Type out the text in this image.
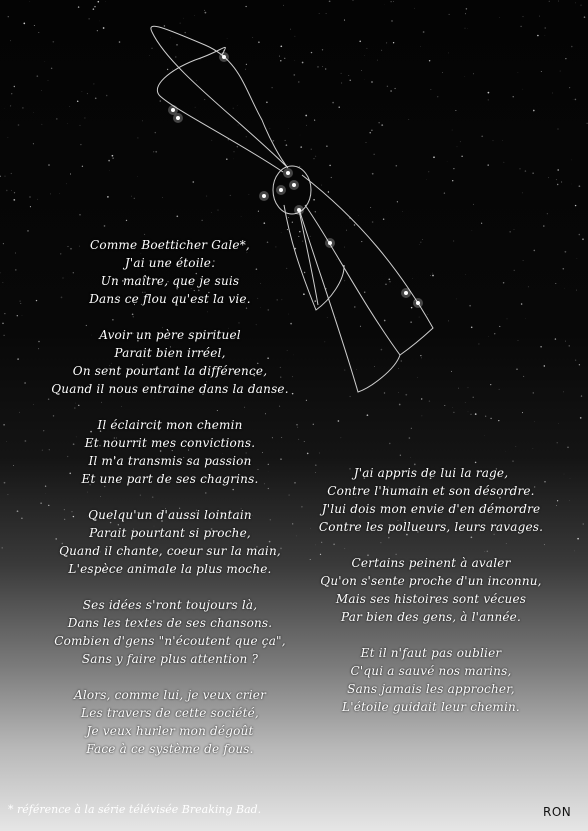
Comme Boetticher Gale*,
J'ai une étoile.
Un maître, que je suis
Dans ce flou qu'est la vie.
Avoir un père spirituel
Parait bien irréel,
On sent pourtant la différence,
Quand il nous entraine dans la danse.
Il éclaircit mon chemin
Et nourrit mes convictions.
Il m'a transmis sa passion
Et une part de ses chagrins.
Quelqu'un d'aussi lointain
Parait pourtant si proche,
Quand il chante, coeur sur la main,
L'espèce animale la plus moche.
Ses idées s'ront toujours là,
Dans les textes de ses chansons.
Combien d'gens "n'écoutent que ça",
Sans y faire plus attention ?
Alors, comme lui, je veux crier
Les travers de cette société,
Je veux hurler mon dégoût
Face à ce système de fous.
J'ai appris de lui la rage,
Contre l'humain et son désordre.
J'lui dois mon envie d'en démordre
Contre les pollueurs, leurs ravages.
Certains peinent à avaler
Qu'on s'sente proche d'un inconnu,
Mais ses histoires sont vécues
Par bien des gens, à l'année.
Et il n'faut pas oublier
C'qui a sauvé nos marins,
Sans jamais les approcher,
L'étoile guidait leur chemin.
* référence à la série télévisée Breaking Bad.	RON
